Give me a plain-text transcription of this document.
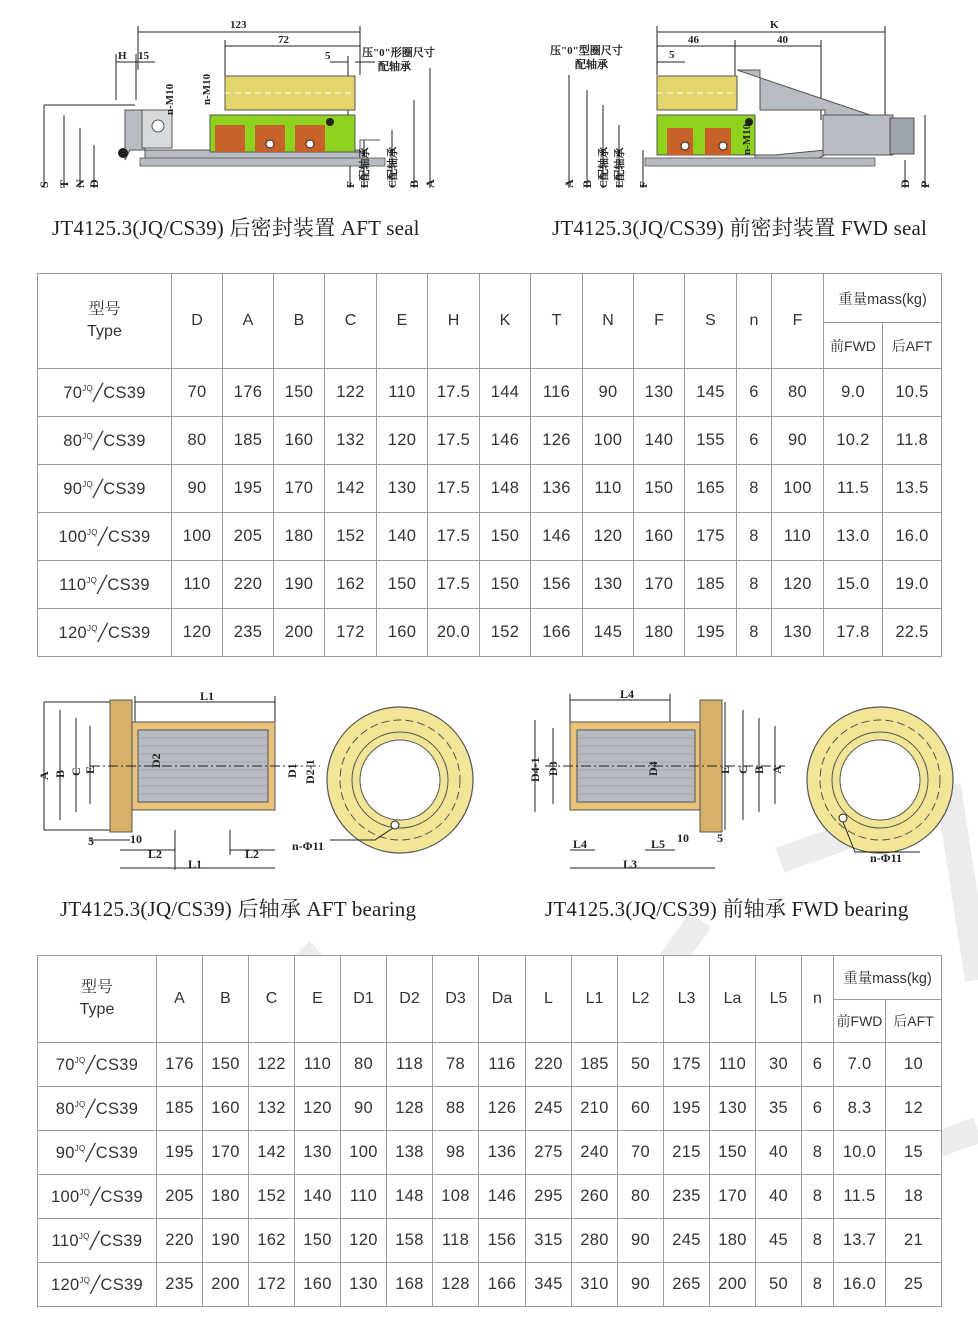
123
72
5
H 15	压"0"形圈尺寸
配轴承
n-M10 n-M10
S T N D	F E配轴承 C配轴承 B A
JT4125.3(JQ/CS39) 后密封装置 AFT seal
K
46	40
5
压"0"型圈尺寸
配轴承
A B C配轴承 E配轴承 F
n-M10
D P
JT4125.3(JQ/CS39) 前密封装置 FWD seal
型号
Type	D	A	B	C	E	H	K	T	N	F	S	n	F	重量mass(kg)	
														前FWD	后AFT
$70^{JQ}╱CS39$	70	176	150	122	110	17.5	144	116	90	130	145	6	80	9.0	10.5
$80^{JQ}╱CS39$	80	185	160	132	120	17.5	146	126	100	140	155	6	90	10.2	11.8
$90^{JQ}╱CS39$	90	195	170	142	130	17.5	148	136	110	150	165	8	100	11.5	13.5
$100^{JQ}╱CS39$	100	205	180	152	140	17.5	150	146	120	160	175	8	110	13.0	16.0
$110^{JQ}╱CS39$	110	220	190	162	150	17.5	150	156	130	170	185	8	120	15.0	19.0
$120^{JQ}╱CS39$	120	235	200	172	160	20.0	152	166	145	180	195	8	130	17.8	22.5
L1
A B C E
D2
D1 D2-1
5	10
L2
L1
L2
n-Φ11
JT4125.3(JQ/CS39) 后轴承 AFT bearing
L4
D4-1 D3	D4	E C B A
L4	L5 10 5
L3	n-Φ11
JT4125.3(JQ/CS39) 前轴承 FWD bearing
型号
Type	A	B	C	E	D1	D2	D3	Da	L	L1	L2	L3	La	L5	n	重量mass(kg)	
																前FWD	后AFT
$70^{JQ}╱CS39$	176	150	122	110	80	118	78	116	220	185	50	175	110	30	6	7.0	10
$80^{JQ}╱CS39$	185	160	132	120	90	128	88	126	245	210	60	195	130	35	6	8.3	12
$90^{JQ}╱CS39$	195	170	142	130	100	138	98	136	275	240	70	215	150	40	8	10.0	15
$100^{JQ}╱CS39$	205	180	152	140	110	148	108	146	295	260	80	235	170	40	8	11.5	18
$110^{JQ}╱CS39$	220	190	162	150	120	158	118	156	315	280	90	245	180	45	8	13.7	21
$120^{JQ}╱CS39$	235	200	172	160	130	168	128	166	345	310	90	265	200	50	8	16.0	25
